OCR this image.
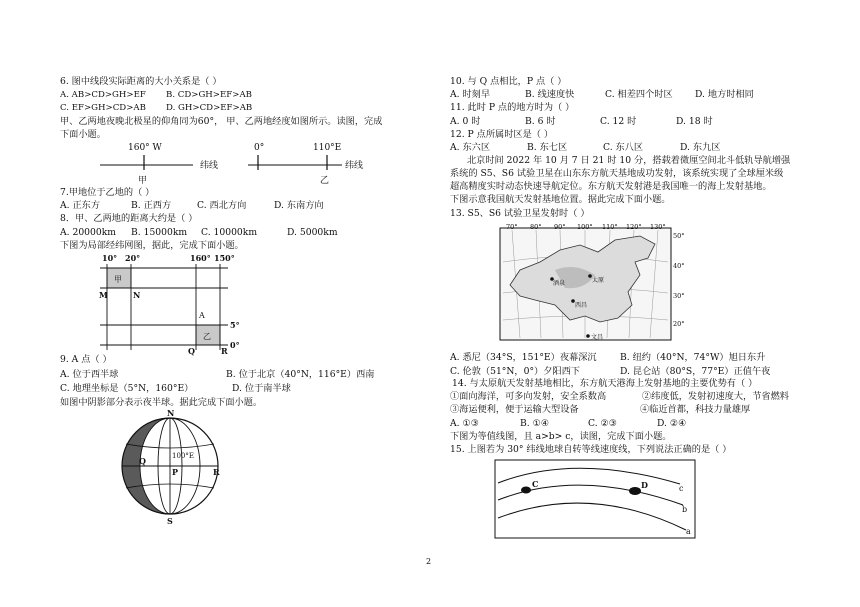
6. 图中线段实际距离的大小关系是（ ）
A. AB>CD>GH>EF B. CD>GH>EF>AB
C. EF>GH>CD>AB D. GH>CD>EF>AB
甲、乙两地夜晚北极星的仰角同为60°， 甲、乙两地经度如图所示。读图，完成
下面小题。
160° W
纬线
甲
0°	110°E
纬线
乙
7.甲地位于乙地的（ ）
A. 正东方	B. 正西方	C. 西北方向	D. 东南方向
8．甲、乙两地的距离大约是（ ）
A. 20000km B. 15000km C. 10000km	D. 5000km
下图为局部经纬网图，据此，完成下面小题。
10° 20°	160° 150°
甲
乙
M	N
A
Q	R
5°
0°
9. A 点（ ）
A. 位于西半球	B. 位于北京（40°N，116°E）西南
C. 地理坐标是（5°N，160°E）	D. 位于南半球
如图中阴影部分表示夜半球。据此完成下面小题。
N
S
Q
P	R
100°E
10. 与 Q 点相比，P 点（ ）
A. 时刻早	B. 线速度快	C. 相差四个时区 D. 地方时相同
11. 此时 P 点的地方时为（ ）
A. 0 时	B. 6 时	C. 12 时	D. 18 时
12. P 点所属时区是（ ）
A. 东六区	B. 东七区	C. 东八区	D. 东九区
北京时间 2022 年 10 月 7 日 21 时 10 分，搭载着微厘空间北斗低轨导航增强
系统的 S5、S6 试验卫星在山东东方航天基地成功发射，该系统实现了全球厘米级
超高精度实时动态快速导航定位。东方航天发射港是我国唯一的海上发射基地。
下图示意我国航天发射基地位置。据此完成下面小题。
13. S5、S6 试验卫星发射时（ ）
酒泉	太原
西昌
文昌
70° 80° 90° 100° 110° 120° 130°
50°
40°
30°
20°
A. 悉尼（34°S，151°E）夜幕深沉	B. 纽约（40°N，74°W）旭日东升
C. 伦敦（51°N，0°）夕阳西下	D. 昆仑站（80°S，77°E）正值午夜
14. 与太原航天发射基地相比，东方航天港海上发射基地的主要优势有（ ）
①面向海洋，可多向发射，安全系数高	②纬度低，发射初速度大，节省燃料
③海运便利，便于运输大型设备	④临近首都，科技力量雄厚
A. ①③	B. ①④	C. ②③	D. ②④
下图为等值线图，且 a>b> c，读图，完成下面小题。
15. 上图若为 30° 纬线地球自转等线速度线，下列说法正确的是（ ）
C	D	c
b
a
2
